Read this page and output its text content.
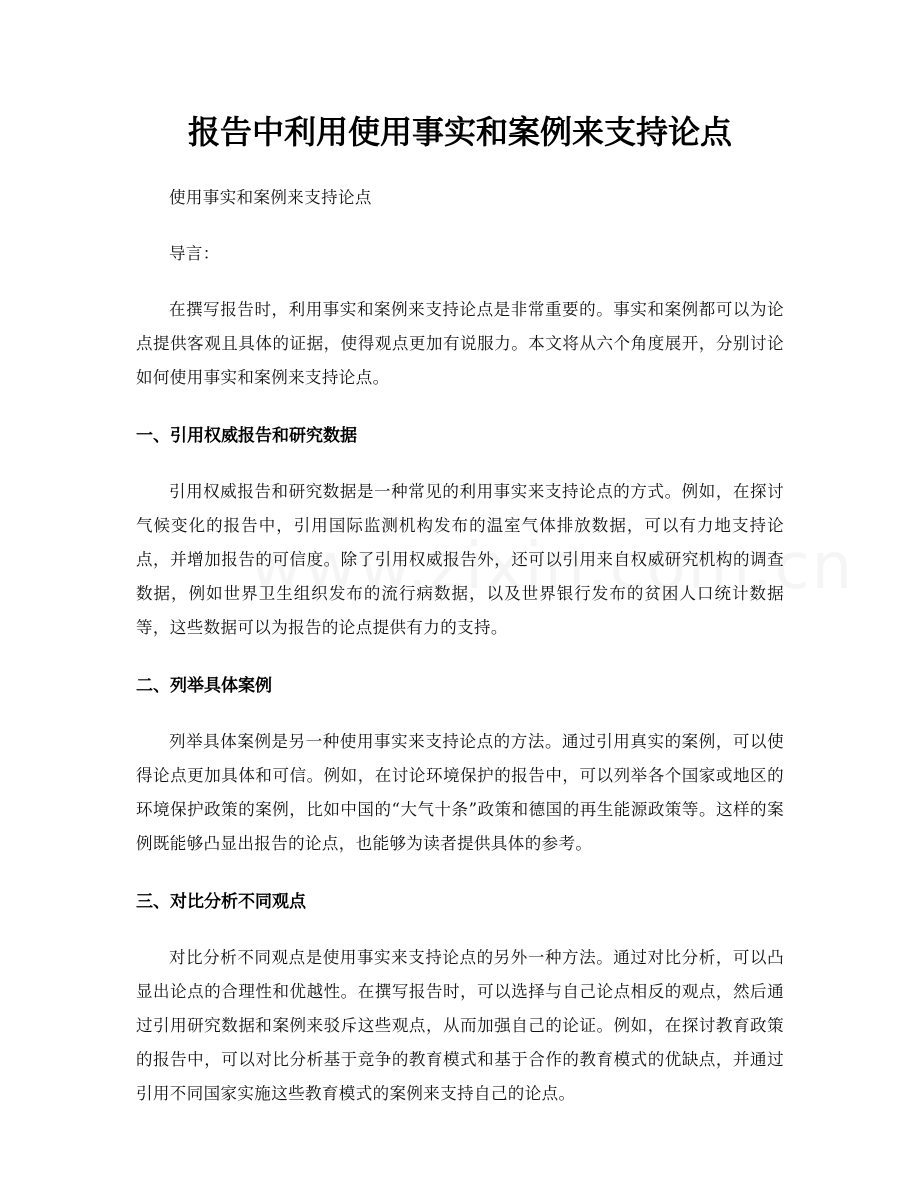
报告中利用使用事实和案例来支持论点

使用事实和案例来支持论点

导言：

在撰写报告时，利用事实和案例来支持论点是非常重要的。事实和案例都可以为论点提供客观且具体的证据，使得观点更加有说服力。本文将从六个角度展开，分别讨论如何使用事实和案例来支持论点。

一、引用权威报告和研究数据

引用权威报告和研究数据是一种常见的利用事实来支持论点的方式。例如，在探讨气候变化的报告中，引用国际监测机构发布的温室气体排放数据，可以有力地支持论点，并增加报告的可信度。除了引用权威报告外，还可以引用来自权威研究机构的调查数据，例如世界卫生组织发布的流行病数据，以及世界银行发布的贫困人口统计数据等，这些数据可以为报告的论点提供有力的支持。

二、列举具体案例

列举具体案例是另一种使用事实来支持论点的方法。通过引用真实的案例，可以使得论点更加具体和可信。例如，在讨论环境保护的报告中，可以列举各个国家或地区的环境保护政策的案例，比如中国的“大气十条”政策和德国的再生能源政策等。这样的案例既能够凸显出报告的论点，也能够为读者提供具体的参考。

三、对比分析不同观点

对比分析不同观点是使用事实来支持论点的另外一种方法。通过对比分析，可以凸显出论点的合理性和优越性。在撰写报告时，可以选择与自己论点相反的观点，然后通过引用研究数据和案例来驳斥这些观点，从而加强自己的论证。例如，在探讨教育政策的报告中，可以对比分析基于竞争的教育模式和基于合作的教育模式的优缺点，并通过引用不同国家实施这些教育模式的案例来支持自己的论点。
